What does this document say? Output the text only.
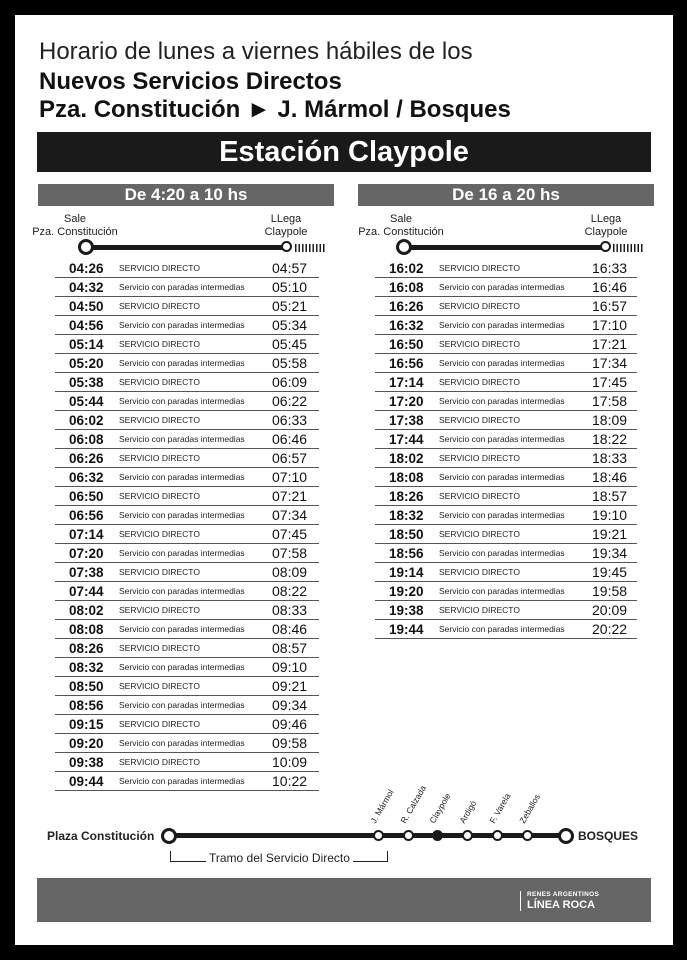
Horario de lunes a viernes hábiles de los
Nuevos Servicios Directos
Pza. Constitución ► J. Mármol / Bosques
Estación Claypole
De 4:20 a 10 hs
Sale
Pza. Constitución
LLega
Claypole
04:26 SERVICIO DIRECTO	04:57
04:32 Servicio con paradas intermedias 05:10
04:50 SERVICIO DIRECTO	05:21
04:56 Servicio con paradas intermedias 05:34
05:14 SERVICIO DIRECTO	05:45
05:20 Servicio con paradas intermedias 05:58
05:38 SERVICIO DIRECTO	06:09
05:44 Servicio con paradas intermedias 06:22
06:02 SERVICIO DIRECTO	06:33
06:08 Servicio con paradas intermedias 06:46
06:26 SERVICIO DIRECTO	06:57
06:32 Servicio con paradas intermedias 07:10
06:50 SERVICIO DIRECTO	07:21
06:56 Servicio con paradas intermedias 07:34
07:14 SERVICIO DIRECTO	07:45
07:20 Servicio con paradas intermedias 07:58
07:38 SERVICIO DIRECTO	08:09
07:44 Servicio con paradas intermedias 08:22
08:02 SERVICIO DIRECTO	08:33
08:08 Servicio con paradas intermedias 08:46
08:26 SERVICIO DIRECTO	08:57
08:32 Servicio con paradas intermedias 09:10
08:50 SERVICIO DIRECTO	09:21
08:56 Servicio con paradas intermedias 09:34
09:15 SERVICIO DIRECTO	09:46
09:20 Servicio con paradas intermedias 09:58
09:38 SERVICIO DIRECTO	10:09
09:44 Servicio con paradas intermedias 10:22
De 16 a 20 hs
Sale
Pza. Constitución
LLega
Claypole
16:02 SERVICIO DIRECTO	16:33
16:08 Servicio con paradas intermedias 16:46
16:26 SERVICIO DIRECTO	16:57
16:32 Servicio con paradas intermedias 17:10
16:50 SERVICIO DIRECTO	17:21
16:56 Servicio con paradas intermedias 17:34
17:14 SERVICIO DIRECTO	17:45
17:20 Servicio con paradas intermedias 17:58
17:38 SERVICIO DIRECTO	18:09
17:44 Servicio con paradas intermedias 18:22
18:02 SERVICIO DIRECTO	18:33
18:08 Servicio con paradas intermedias 18:46
18:26 SERVICIO DIRECTO	18:57
18:32 Servicio con paradas intermedias 19:10
18:50 SERVICIO DIRECTO	19:21
18:56 Servicio con paradas intermedias 19:34
19:14 SERVICIO DIRECTO	19:45
19:20 Servicio con paradas intermedias 19:58
19:38 SERVICIO DIRECTO	20:09
19:44 Servicio con paradas intermedias 20:22
Plaza Constitución	BOSQUES
J. Mármol R. Calzada Claypole Ardigó F. Varela Zeballos
Tramo del Servicio Directo
RENES ARGENTINOS
LÍNEA ROCA
